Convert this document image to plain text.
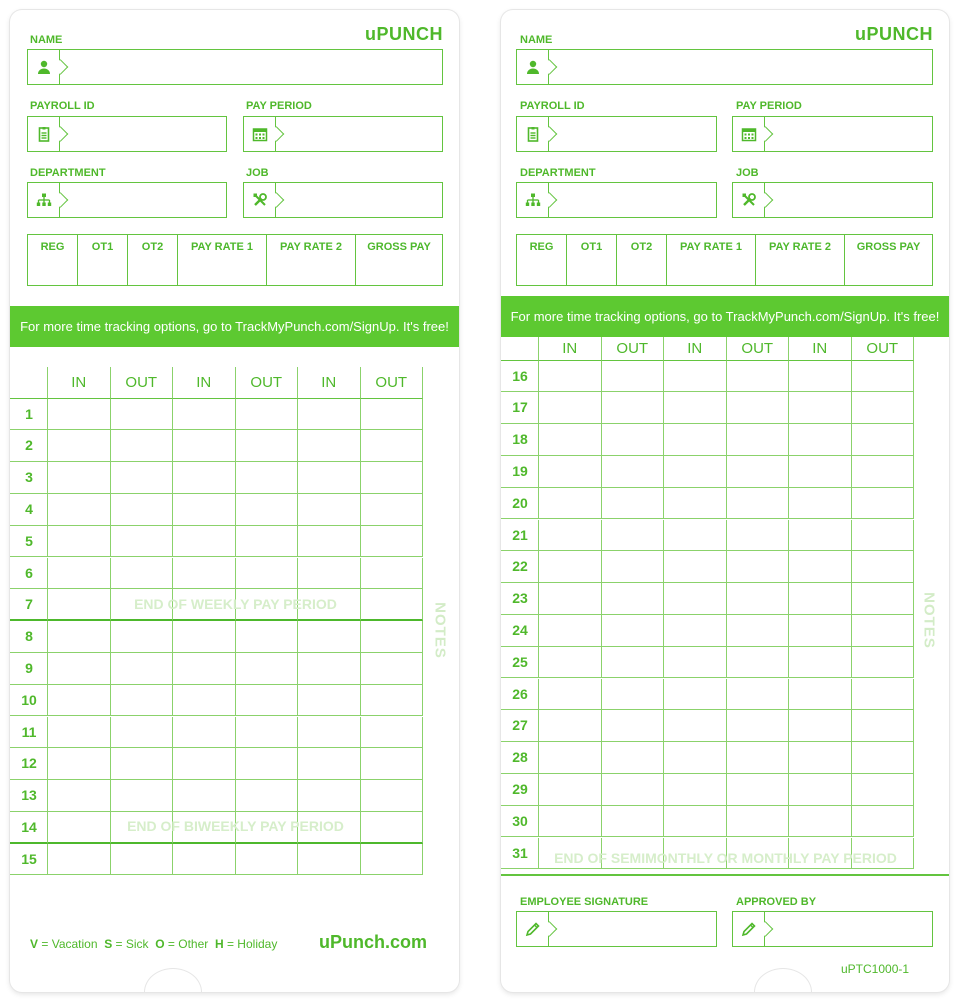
uPUNCH
NAME
PAYROLL ID	PAY PERIOD
DEPARTMENT	JOB
REG	OT1	OT2	PAY RATE 1	PAY RATE 2	GROSS PAY
For more time tracking options, go to TrackMyPunch.com/SignUp. It's free!
IN	OUT	IN	OUT	IN	OUT
1
2
3
4
5
6
7
8
9
10
11
12
13
14
15
END OF WEEKLY PAY PERIOD
END OF BIWEEKLY PAY PERIOD
NOTES
V = Vacation S = Sick O = Other H = Holiday uPunch.com
uPUNCH
NAME
PAYROLL ID	PAY PERIOD
DEPARTMENT	JOB
REG	OT1	OT2	PAY RATE 1	PAY RATE 2	GROSS PAY
For more time tracking options, go to TrackMyPunch.com/SignUp. It's free!
IN	OUT	IN	OUT	IN	OUT
16
17
18
19
20
21
22
23
24
25
26
27
28
29
30
31	END OF SEMIMONTHLY OR MONTHLY PAY PERIOD
NOTES
EMPLOYEE SIGNATURE	APPROVED BY
uPTC1000-1
